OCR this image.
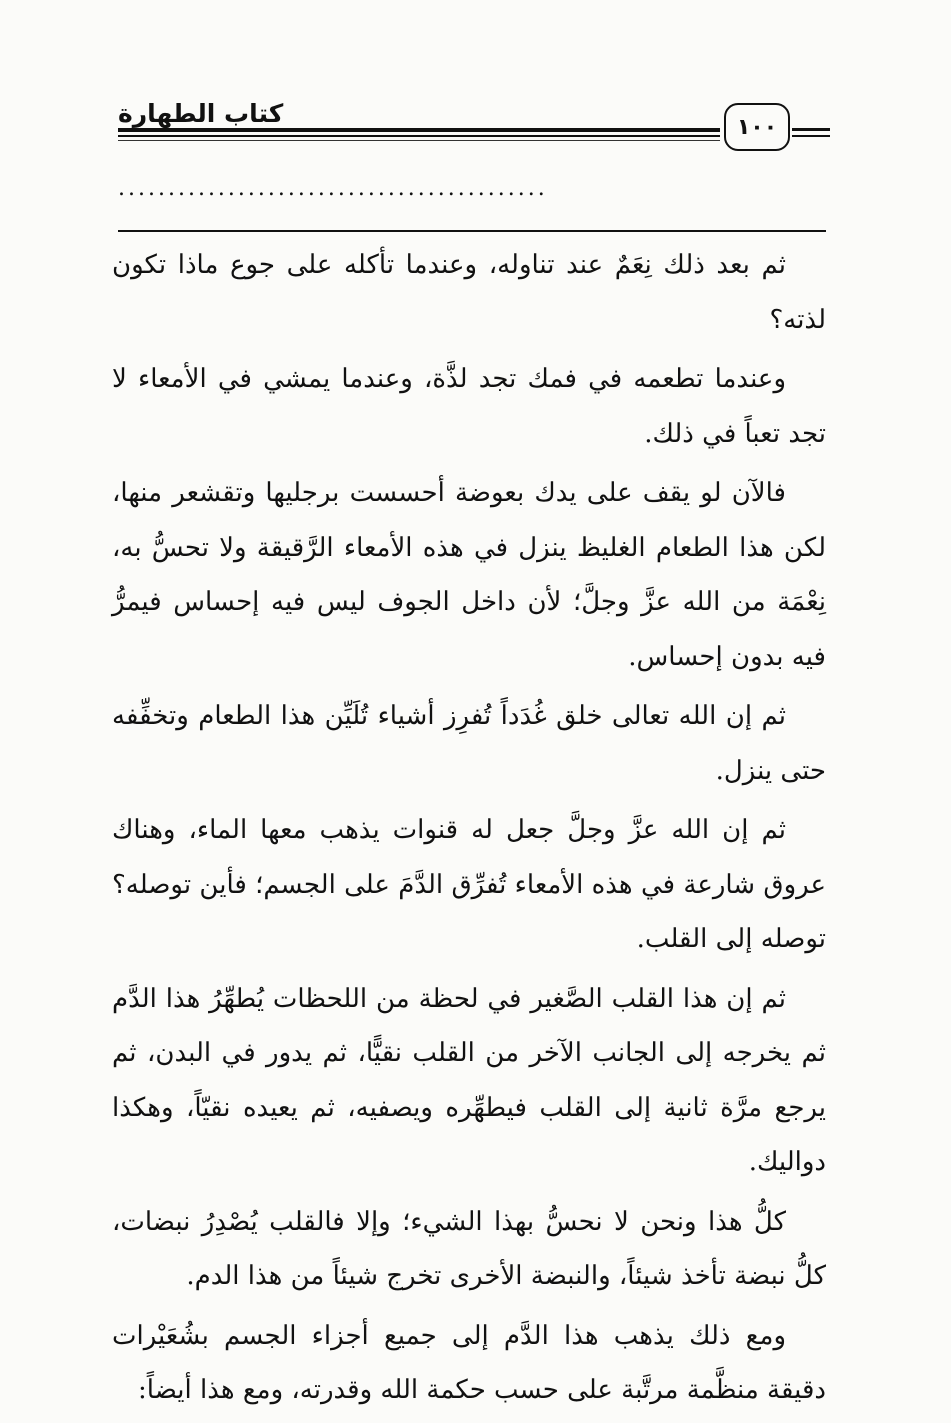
كتاب الطهارة	١٠٠
...........................................

ثم بعد ذلك نِعَمٌ عند تناوله، وعندما تأكله على جوع ماذا تكون لذته؟

وعندما تطعمه في فمك تجد لذَّة، وعندما يمشي في الأمعاء لا تجد تعباً في ذلك.

فالآن لو يقف على يدك بعوضة أحسست برجليها وتقشعر منها، لكن هذا الطعام الغليظ ينزل في هذه الأمعاء الرَّقيقة ولا تحسُّ به، نِعْمَة من الله عزَّ وجلَّ؛ لأن داخل الجوف ليس فيه إحساس فيمرُّ فيه بدون إحساس.

ثم إن الله تعالى خلق غُدَداً تُفرِز أشياء تُلَيِّن هذا الطعام وتخفِّفه حتى ينزل.

ثم إن الله عزَّ وجلَّ جعل له قنوات يذهب معها الماء، وهناك عروق شارعة في هذه الأمعاء تُفرِّق الدَّمَ على الجسم؛ فأين توصله؟ توصله إلى القلب.

ثم إن هذا القلب الصَّغير في لحظة من اللحظات يُطهِّرُ هذا الدَّم ثم يخرجه إلى الجانب الآخر من القلب نقيًّا، ثم يدور في البدن، ثم يرجع مرَّة ثانية إلى القلب فيطهِّره ويصفيه، ثم يعيده نقيّاً، وهكذا دواليك.

كلُّ هذا ونحن لا نحسُّ بهذا الشيء؛ وإلا فالقلب يُصْدِرُ نبضات، كلُّ نبضة تأخذ شيئاً، والنبضة الأخرى تخرج شيئاً من هذا الدم.

ومع ذلك يذهب هذا الدَّم إلى جميع أجزاء الجسم بشُعَيْرات دقيقة منظَّمة مرتَّبة على حسب حكمة الله وقدرته، ومع هذا أيضاً:
